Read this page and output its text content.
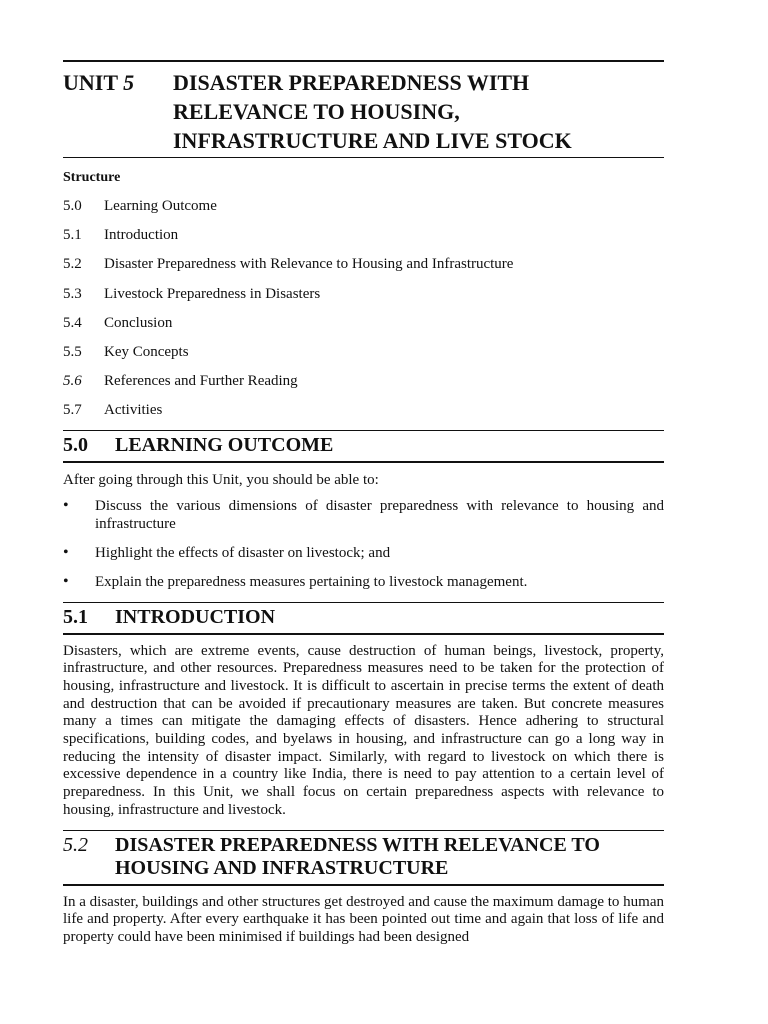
UNIT 5	DISASTER PREPAREDNESS WITH
RELEVANCE TO HOUSING,
INFRASTRUCTURE AND LIVE STOCK
Structure
5.0	Learning Outcome
5.1	Introduction
5.2	Disaster Preparedness with Relevance to Housing and Infrastructure
5.3	Livestock Preparedness in Disasters
5.4	Conclusion
5.5	Key Concepts
5.6	References and Further Reading
5.7	Activities
5.0	LEARNING OUTCOME
After going through this Unit, you should be able to:
•	Discuss the various dimensions of disaster preparedness with relevance to housing and infrastructure
•	Highlight the effects of disaster on livestock; and
•	Explain the preparedness measures pertaining to livestock management.
5.1	INTRODUCTION
Disasters, which are extreme events, cause destruction of human beings, livestock, property, infrastructure, and other resources. Preparedness measures need to be taken for the protection of housing, infrastructure and livestock. It is difficult to ascertain in precise terms the extent of death and destruction that can be avoided if precautionary measures are taken. But concrete measures many a times can mitigate the damaging effects of disasters. Hence adhering to structural specifications, building codes, and byelaws in housing, and infrastructure can go a long way in reducing the intensity of disaster impact. Similarly, with regard to livestock on which there is excessive dependence in a country like India, there is need to pay attention to a certain level of preparedness. In this Unit, we shall focus on certain preparedness aspects with relevance to housing, infrastructure and livestock.
5.2	DISASTER PREPAREDNESS WITH RELEVANCE TO
HOUSING AND INFRASTRUCTURE
In a disaster, buildings and other structures get destroyed and cause the maximum damage to human life and property. After every earthquake it has been pointed out time and again that loss of life and property could have been minimised if buildings had been designed
